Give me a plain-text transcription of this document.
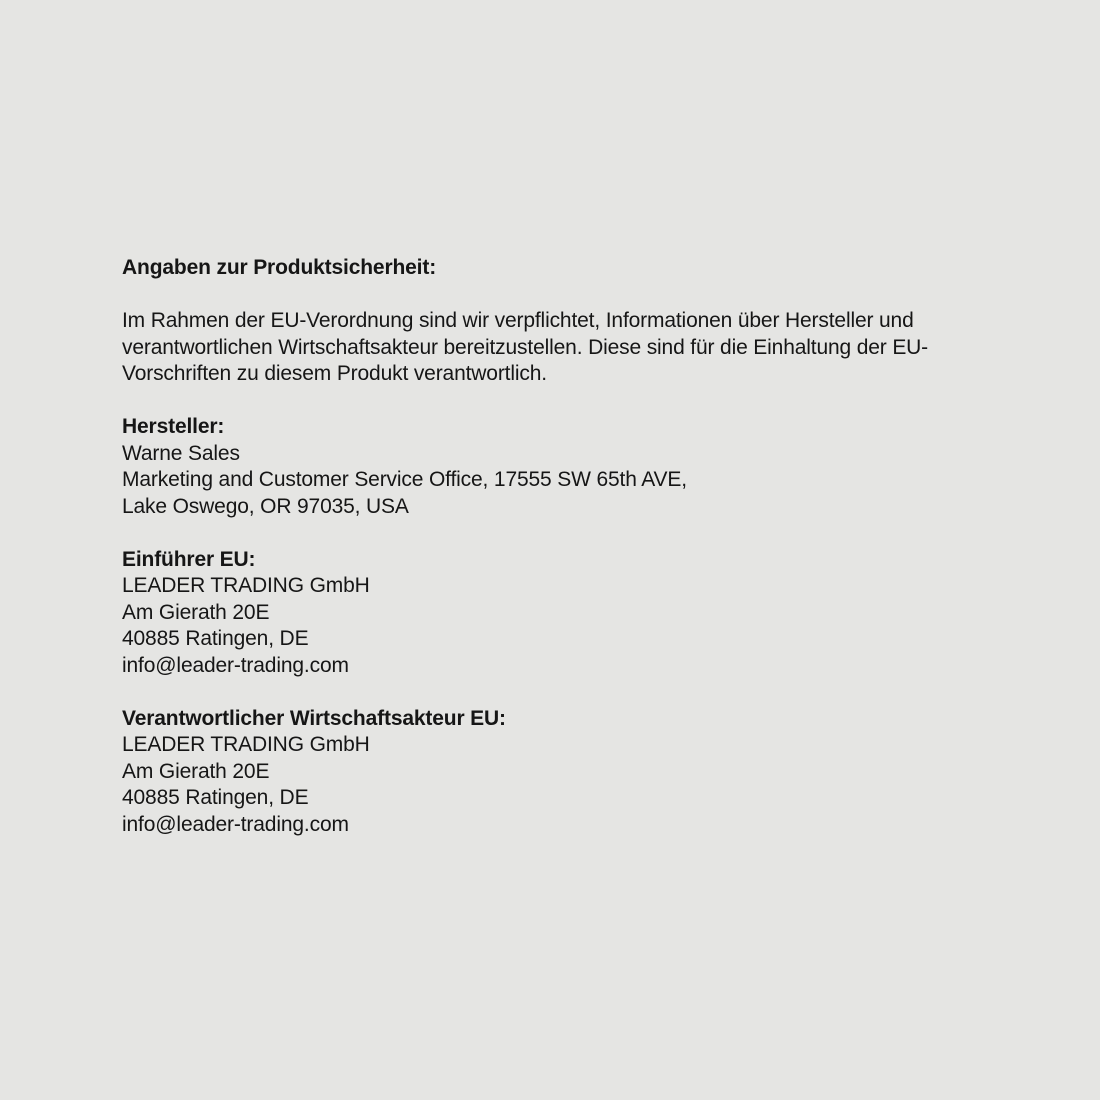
Angaben zur Produktsicherheit:

Im Rahmen der EU-Verordnung sind wir verpflichtet, Informationen über Hersteller und verantwortlichen Wirtschaftsakteur bereitzustellen. Diese sind für die Einhaltung der EU-Vorschriften zu diesem Produkt verantwortlich.

Hersteller:
Warne Sales
Marketing and Customer Service Office, 17555 SW 65th AVE,
Lake Oswego, OR 97035, USA
Einführer EU:
LEADER TRADING GmbH
Am Gierath 20E
40885 Ratingen, DE
info@leader-trading.com
Verantwortlicher Wirtschaftsakteur EU:
LEADER TRADING GmbH
Am Gierath 20E
40885 Ratingen, DE
info@leader-trading.com
